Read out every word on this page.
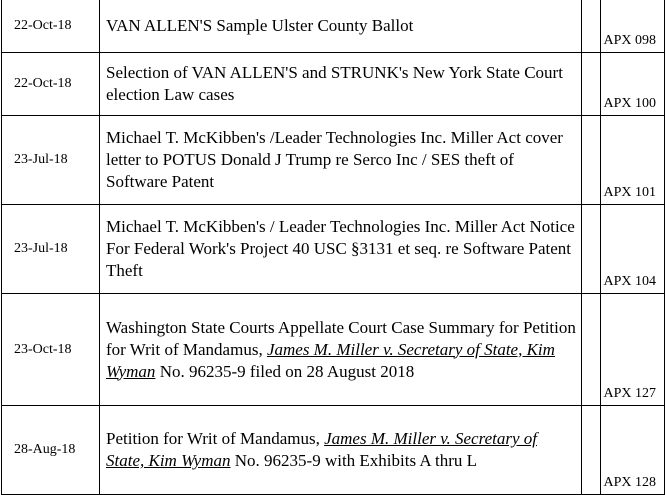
22-Oct-18	VAN ALLEN'S Sample Ulster County Ballot		APX 098
22-Oct-18	Selection of VAN ALLEN'S and STRUNK's New York State Court election Law cases		APX 100
23-Jul-18	Michael T. McKibben's /Leader Technologies Inc. Miller Act cover letter to POTUS Donald J Trump re Serco Inc / SES theft of Software Patent		APX 101
23-Jul-18	Michael T. McKibben's / Leader Technologies Inc. Miller Act Notice For Federal Work's Project 40 USC §3131 et seq. re Software Patent Theft		APX 104
23-Oct-18	Washington State Courts Appellate Court Case Summary for Petition for Writ of Mandamus, James M. Miller v. Secretary of State, Kim Wyman No. 96235-9 filed on 28 August 2018		APX 127
28-Aug-18	Petition for Writ of Mandamus, James M. Miller v. Secretary of State, Kim Wyman No. 96235-9 with Exhibits A thru L		APX 128
